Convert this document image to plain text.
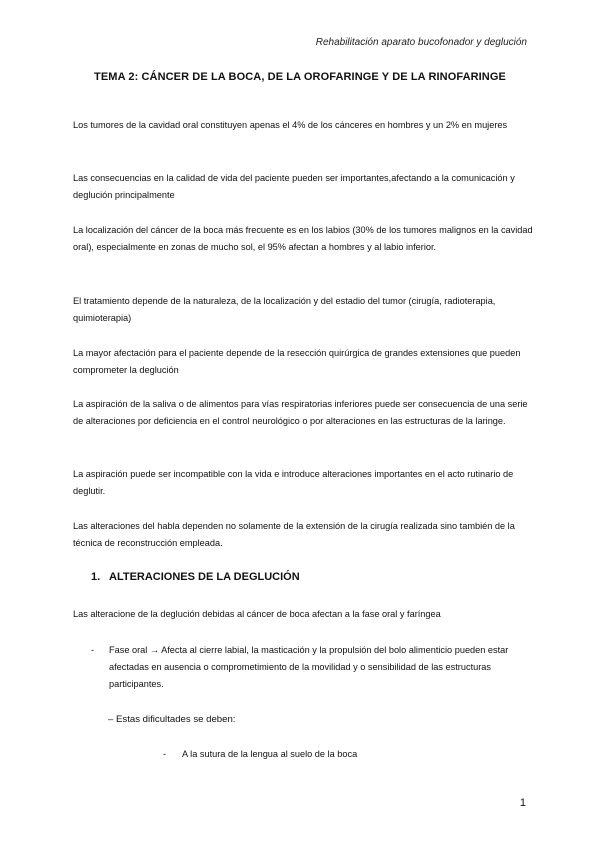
Rehabilitación aparato bucofonador y deglución
TEMA 2: CÁNCER DE LA BOCA, DE LA OROFARINGE Y DE LA RINOFARINGE

Los tumores de la cavidad oral constituyen apenas el 4% de los cánceres en hombres y un 2% en mujeres

Las consecuencias en la calidad de vida del paciente pueden ser importantes,afectando a la comunicación y deglución principalmente

La localización del cáncer de la boca más frecuente es en los labios (30% de los tumores malignos en la cavidad oral), especialmente en zonas de mucho sol, el 95% afectan a hombres y al labio inferior.

El tratamiento depende de la naturaleza, de la localización y del estadio del tumor (cirugía, radioterapia, quimioterapia)

La mayor afectación para el paciente depende de la resección quirúrgica de grandes extensiones que pueden comprometer la deglución

La aspiración de la saliva o de alimentos para vías respiratorias inferiores puede ser consecuencia de una serie de alteraciones por deficiencia en el control neurológico o por alteraciones en las estructuras de la laringe.

La aspiración puede ser incompatible con la vida e introduce alteraciones importantes en el acto rutinario de deglutir.

Las alteraciones del habla dependen no solamente de la extensión de la cirugía realizada sino también de la técnica de reconstrucción empleada.

1. ALTERACIONES DE LA DEGLUCIÓN

Las alteracione de la deglución debidas al cáncer de boca afectan a la fase oral y faríngea

-	Fase oral → Afecta al cierre labial, la masticación y la propulsión del bolo alimenticio pueden estar afectadas en ausencia o comprometimiento de la movilidad y o sensibilidad de las estructuras participantes.
– Estas dificultades se deben:
- A la sutura de la lengua al suelo de la boca
1
